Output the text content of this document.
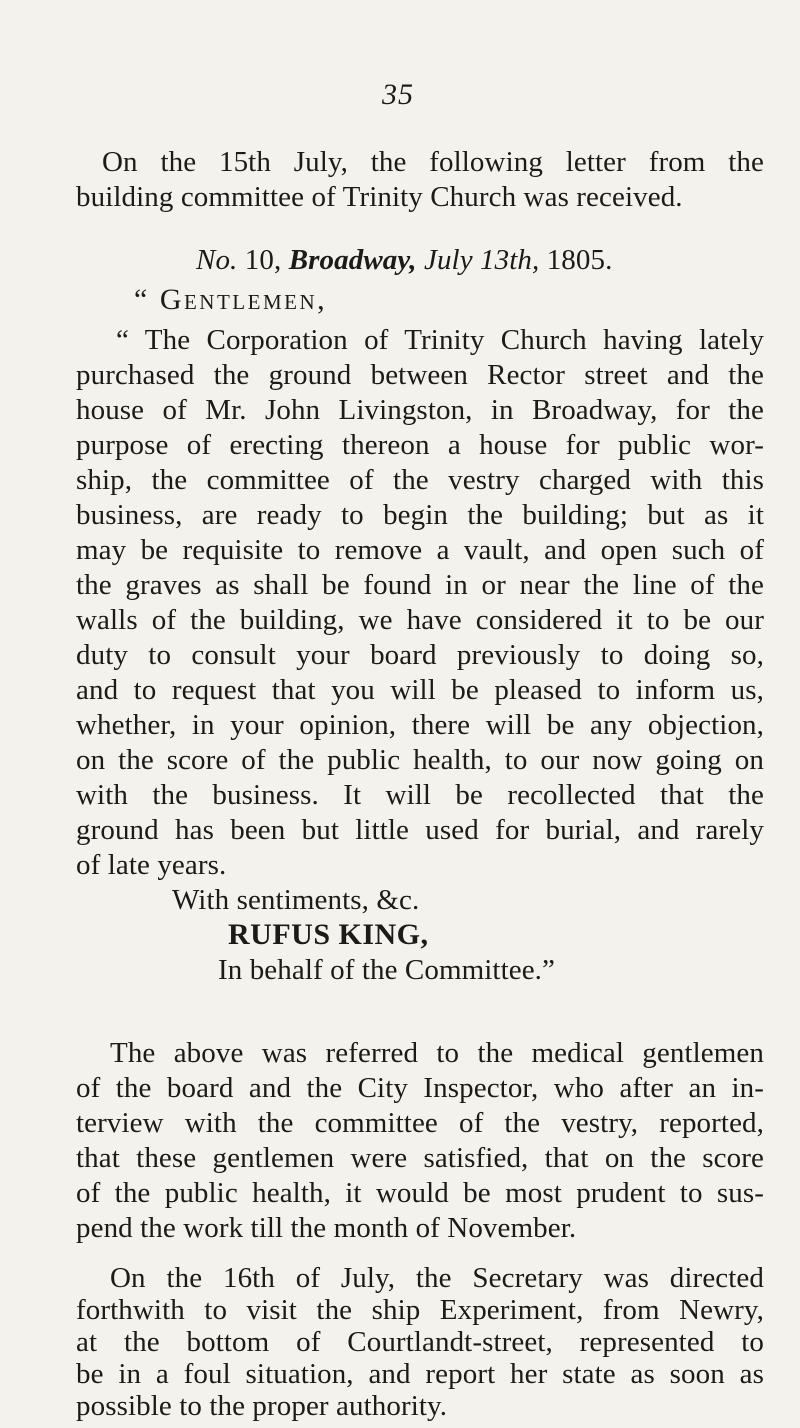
35
On the 15th July, the following letter from the
building committee of Trinity Church was received.
No. 10, Broadway, July 13th, 1805.
“ Gentlemen,
“ The Corporation of Trinity Church having lately
purchased the ground between Rector street and the
house of Mr. John Livingston, in Broadway, for the
purpose of erecting thereon a house for public wor-
ship, the committee of the vestry charged with this
business, are ready to begin the building; but as it
may be requisite to remove a vault, and open such of
the graves as shall be found in or near the line of the
walls of the building, we have considered it to be our
duty to consult your board previously to doing so,
and to request that you will be pleased to inform us,
whether, in your opinion, there will be any objection,
on the score of the public health, to our now going on
with the business. It will be recollected that the
ground has been but little used for burial, and rarely
of late years.
With sentiments, &c.
RUFUS KING,
In behalf of the Committee.”
The above was referred to the medical gentlemen
of the board and the City Inspector, who after an in-
terview with the committee of the vestry, reported,
that these gentlemen were satisfied, that on the score
of the public health, it would be most prudent to sus-
pend the work till the month of November.
On the 16th of July, the Secretary was directed
forthwith to visit the ship Experiment, from Newry,
at the bottom of Courtlandt-street, represented to
be in a foul situation, and report her state as soon as
possible to the proper authority.
